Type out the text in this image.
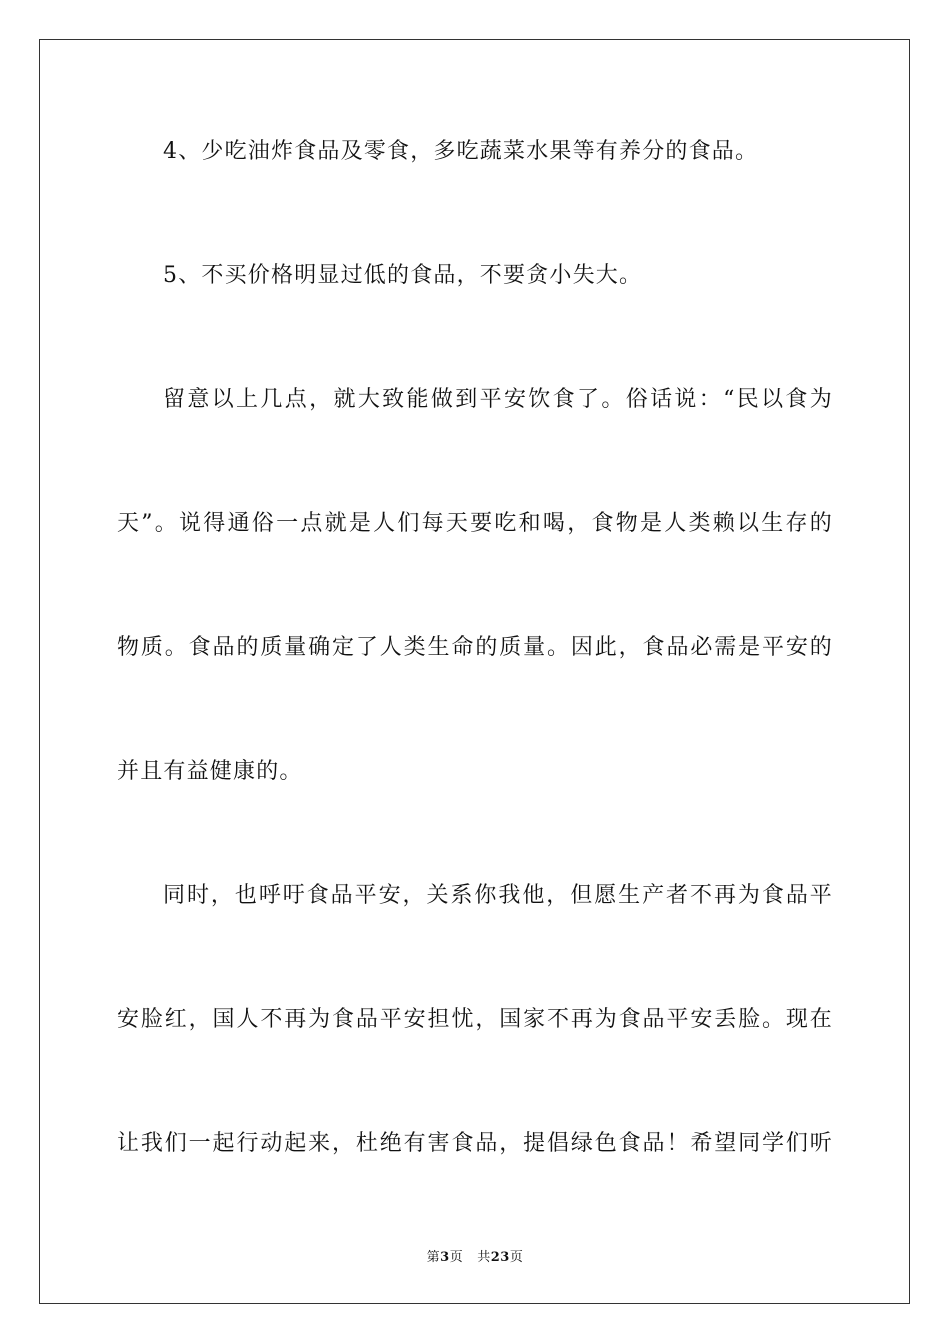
4、少吃油炸食品及零食，多吃蔬菜水果等有养分的食品。
5、不买价格明显过低的食品，不要贪小失大。
留意以上几点，就大致能做到平安饮食了。俗话说：“民以食为
天”。说得通俗一点就是人们每天要吃和喝，食物是人类赖以生存的
物质。食品的质量确定了人类生命的质量。因此，食品必需是平安的
并且有益健康的。
同时，也呼吁食品平安，关系你我他，但愿生产者不再为食品平
安脸红，国人不再为食品平安担忧，国家不再为食品平安丢脸。现在
让我们一起行动起来，杜绝有害食品，提倡绿色食品！希望同学们听
第3页 共23页
